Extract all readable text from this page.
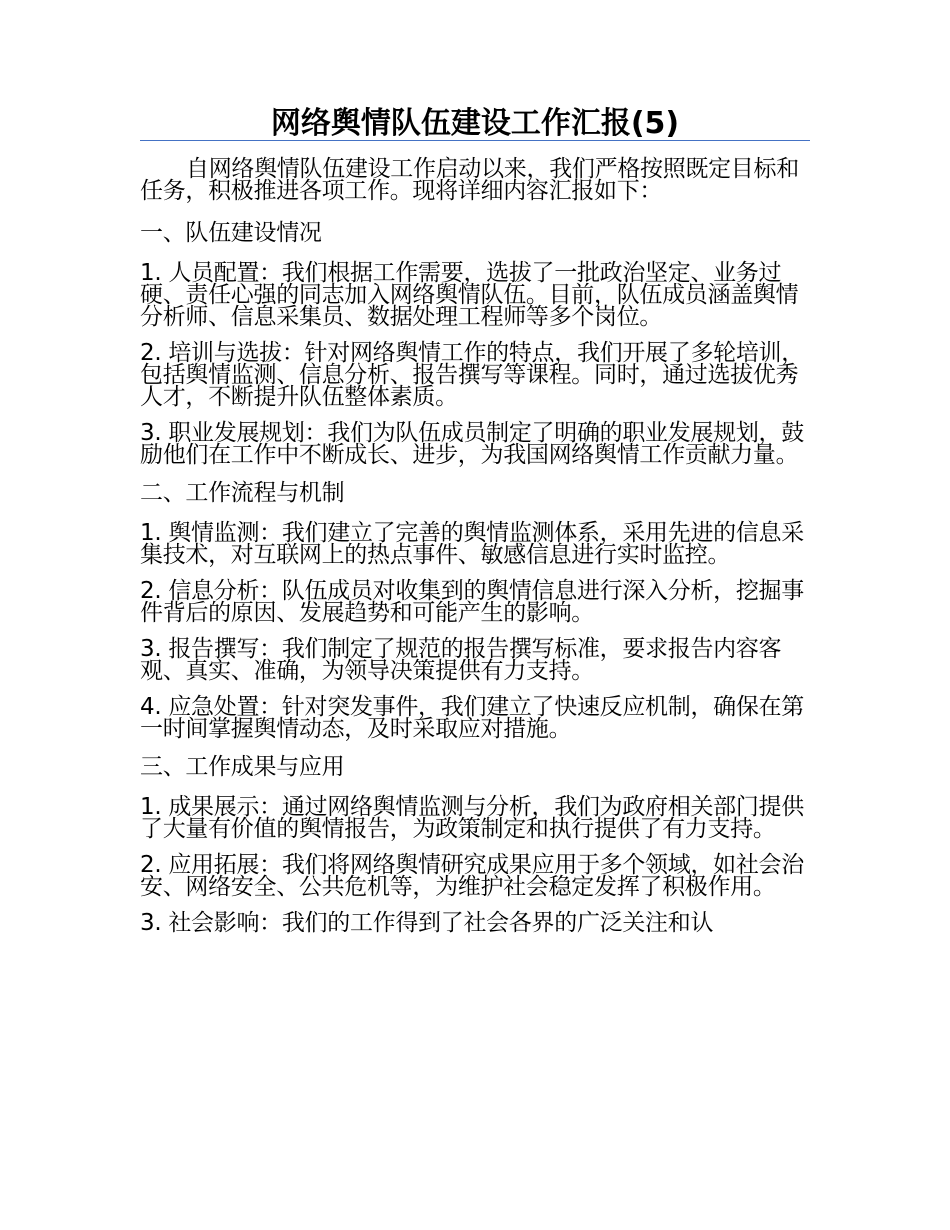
网络舆情队伍建设工作汇报(5)

自网络舆情队伍建设工作启动以来，我们严格按照既定目标和任务，积极推进各项工作。现将详细内容汇报如下：

一、队伍建设情况

1. 人员配置：我们根据工作需要，选拔了一批政治坚定、业务过硬、责任心强的同志加入网络舆情队伍。目前，队伍成员涵盖舆情分析师、信息采集员、数据处理工程师等多个岗位。

2. 培训与选拔：针对网络舆情工作的特点，我们开展了多轮培训，包括舆情监测、信息分析、报告撰写等课程。同时，通过选拔优秀人才，不断提升队伍整体素质。

3. 职业发展规划：我们为队伍成员制定了明确的职业发展规划，鼓励他们在工作中不断成长、进步，为我国网络舆情工作贡献力量。

二、工作流程与机制

1. 舆情监测：我们建立了完善的舆情监测体系，采用先进的信息采集技术，对互联网上的热点事件、敏感信息进行实时监控。

2. 信息分析：队伍成员对收集到的舆情信息进行深入分析，挖掘事件背后的原因、发展趋势和可能产生的影响。

3. 报告撰写：我们制定了规范的报告撰写标准，要求报告内容客观、真实、准确，为领导决策提供有力支持。

4. 应急处置：针对突发事件，我们建立了快速反应机制，确保在第一时间掌握舆情动态，及时采取应对措施。

三、工作成果与应用

1. 成果展示：通过网络舆情监测与分析，我们为政府相关部门提供了大量有价值的舆情报告，为政策制定和执行提供了有力支持。

2. 应用拓展：我们将网络舆情研究成果应用于多个领域，如社会治安、网络安全、公共危机等，为维护社会稳定发挥了积极作用。

3. 社会影响：我们的工作得到了社会各界的广泛关注和认
